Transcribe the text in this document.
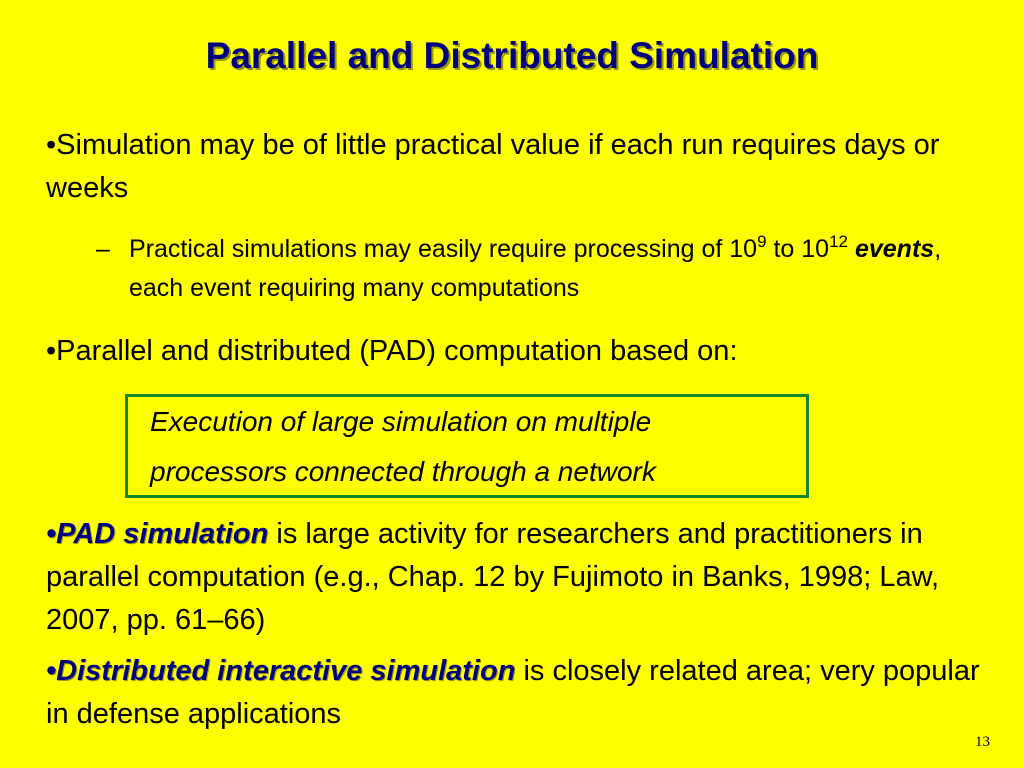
Parallel and Distributed Simulation

•Simulation may be of little practical value if each run requires days or weeks

– Practical simulations may easily require processing of $10^9$ to $10^{12}$ events, each event requiring many computations

•Parallel and distributed (PAD) computation based on:

Execution of large simulation on multiple
processors connected through a network

•PAD simulation is large activity for researchers and practitioners in parallel computation (e.g., Chap. 12 by Fujimoto in Banks, 1998; Law, 2007, pp. 61–66)

•Distributed interactive simulation is closely related area; very popular in defense applications

13
